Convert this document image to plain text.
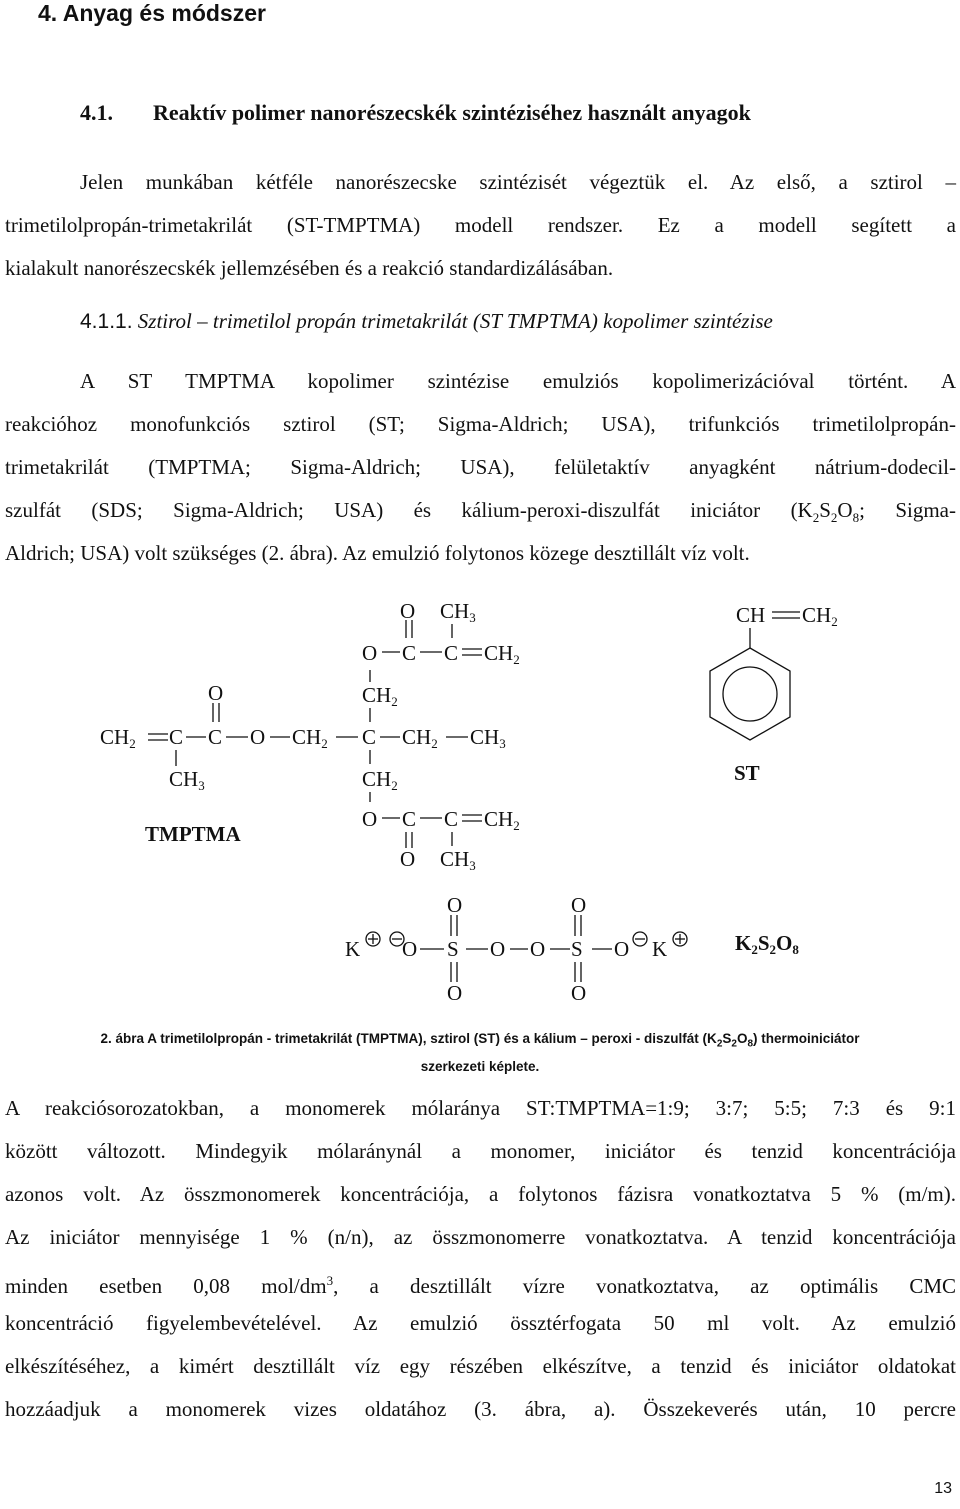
4. Anyag és módszer
4.1. Reaktív polimer nanorészecskék szintéziséhez használt anyagok
Jelen munkában kétféle nanorészecske szintézisét végeztük el. Az első, a sztirol –
trimetilolpropán-trimetakrilát (ST-TMPTMA) modell rendszer. Ez a modell segített a
kialakult nanorészecskék jellemzésében és a reakció standardizálásában.
4.1.1. Sztirol – trimetilol propán trimetakrilát (ST TMPTMA) kopolimer szintézise
A ST TMPTMA kopolimer szintézise emulziós kopolimerizációval történt. A
reakcióhoz monofunkciós sztirol (ST; Sigma-Aldrich; USA), trifunkciós trimetilolpropán-
trimetakrilát (TMPTMA; Sigma-Aldrich; USA), felületaktív anyagként nátrium-dodecil-
szulfát (SDS; Sigma-Aldrich; USA) és kálium-peroxi-diszulfát iniciátor ($K_2S_2O_8$; Sigma-
Aldrich; USA) volt szükséges (2. ábra). Az emulzió folytonos közege desztillált víz volt.
CH2 C C
O
O CH2 C CH2 CH3
CH3
CH2
CH2
O CH3
O C C CH2
O C C CH2
O CH3
CH CH2
K O
O
S
O
O O
O
S
O
O K
TMPTMA
ST
K2S2O8
2. ábra A trimetilolpropán - trimetakrilát (TMPTMA), sztirol (ST) és a kálium – peroxi - diszulfát $(K_2S_2O_8)$ thermoiniciátor
szerkezeti képlete.
A reakciósorozatokban, a monomerek mólaránya ST:TMPTMA=1:9; 3:7; 5:5; 7:3 és 9:1
között változott. Mindegyik mólaránynál a monomer, iniciátor és tenzid koncentrációja
azonos volt. Az összmonomerek koncentrációja, a folytonos fázisra vonatkoztatva 5 % (m/m).
Az iniciátor mennyisége 1 % (n/n), az összmonomerre vonatkoztatva. A tenzid koncentrációja
minden esetben 0,08 mol/$dm^3$, a desztillált vízre vonatkoztatva, az optimális CMC
koncentráció figyelembevételével. Az emulzió össztérfogata 50 ml volt. Az emulzió
elkészítéséhez, a kimért desztillált víz egy részében elkészítve, a tenzid és iniciátor oldatokat
hozzáadjuk a monomerek vizes oldatához (3. ábra, a). Összekeverés után, 10 percre
13
